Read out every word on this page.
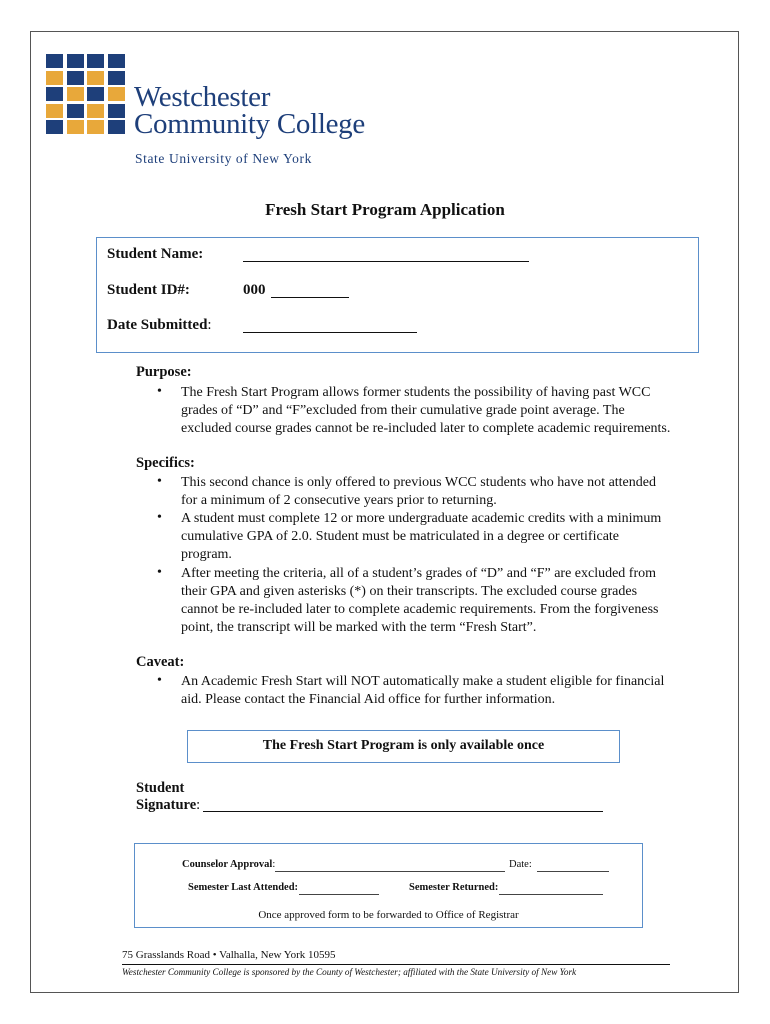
Westchester
Community College
State University of New York
Fresh Start Program Application
Student Name:
Student ID#:	000
Date Submitted:
Purpose:
• The Fresh Start Program allows former students the possibility of having past WCC grades of “D” and “F”excluded from their cumulative grade point average. The excluded course grades cannot be re-included later to complete academic requirements.
Specifics:
• This second chance is only offered to previous WCC students who have not attended for a minimum of 2 consecutive years prior to returning.
• A student must complete 12 or more undergraduate academic credits with a minimum cumulative GPA of 2.0. Student must be matriculated in a degree or certificate program.
• After meeting the criteria, all of a student’s grades of “D” and “F” are excluded from their GPA and given asterisks (*) on their transcripts. The excluded course grades cannot be re-included later to complete academic requirements. From the forgiveness point, the transcript will be marked with the term “Fresh Start”.
Caveat:
• An Academic Fresh Start will NOT automatically make a student eligible for financial aid. Please contact the Financial Aid office for further information.
The Fresh Start Program is only available once
Student
Signature:
Counselor Approval:	Date:
Semester Last Attended:	Semester Returned:
Once approved form to be forwarded to Office of Registrar
75 Grasslands Road • Valhalla, New York 10595
Westchester Community College is sponsored by the County of Westchester; affiliated with the State University of New York
